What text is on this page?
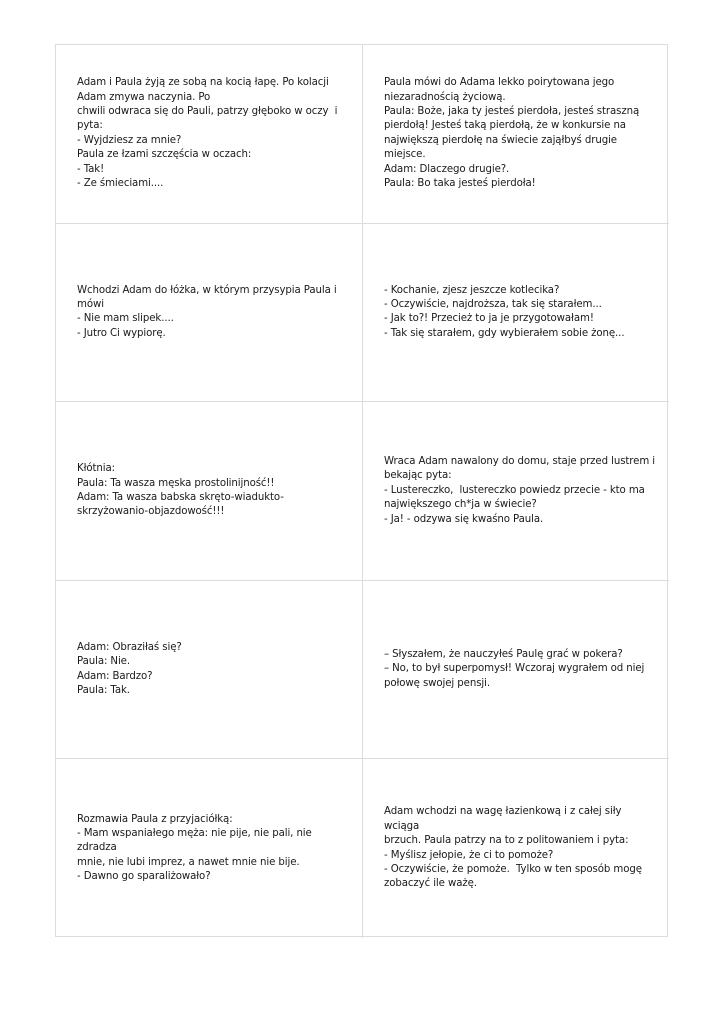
Adam i Paula żyją ze sobą na kocią łapę. Po kolacji
Adam zmywa naczynia. Po
chwili odwraca się do Pauli, patrzy głęboko w oczy  i
pyta:
- Wyjdziesz za mnie?
Paula ze łzami szczęścia w oczach:
- Tak!
- Ze śmieciami....

Paula mówi do Adama lekko poirytowana jego
niezaradnością życiową.
Paula: Boże, jaka ty jesteś pierdoła, jesteś straszną
pierdołą! Jesteś taką pierdołą, że w konkursie na
największą pierdołę na świecie zająłbyś drugie miejsce.
Adam: Dlaczego drugie?.
Paula: Bo taka jesteś pierdoła!

Wchodzi Adam do łóżka, w którym przysypia Paula i
mówi
- Nie mam slipek....
- Jutro Ci wypiorę.

- Kochanie, zjesz jeszcze kotlecika?
- Oczywiście, najdroższa, tak się starałem...
- Jak to?! Przecież to ja je przygotowałam!
- Tak się starałem, gdy wybierałem sobie żonę...

Kłótnia:
Paula: Ta wasza męska prostolinijność!!
Adam: Ta wasza babska skręto-wiadukto-
skrzyżowanio-objazdowość!!!

Wraca Adam nawalony do domu, staje przed lustrem i
bekając pyta:
- Lustereczko,  lustereczko powiedz przecie - kto ma
największego ch*ja w świecie?
- Ja! - odzywa się kwaśno Paula.

Adam: Obraziłaś się?
Paula: Nie.
Adam: Bardzo?
Paula: Tak.

– Słyszałem, że nauczyłeś Paulę grać w pokera?
– No, to był superpomysł! Wczoraj wygrałem od niej
połowę swojej pensji.

Rozmawia Paula z przyjaciółką:
- Mam wspaniałego męża: nie pije, nie pali, nie zdradza
mnie, nie lubi imprez, a nawet mnie nie bije.
- Dawno go sparaliżowało?

Adam wchodzi na wagę łazienkową i z całej siły wciąga
brzuch. Paula patrzy na to z politowaniem i pyta:
- Myślisz jełopie, że ci to pomoże?
- Oczywiście, że pomoże.  Tylko w ten sposób mogę
zobaczyć ile ważę.
